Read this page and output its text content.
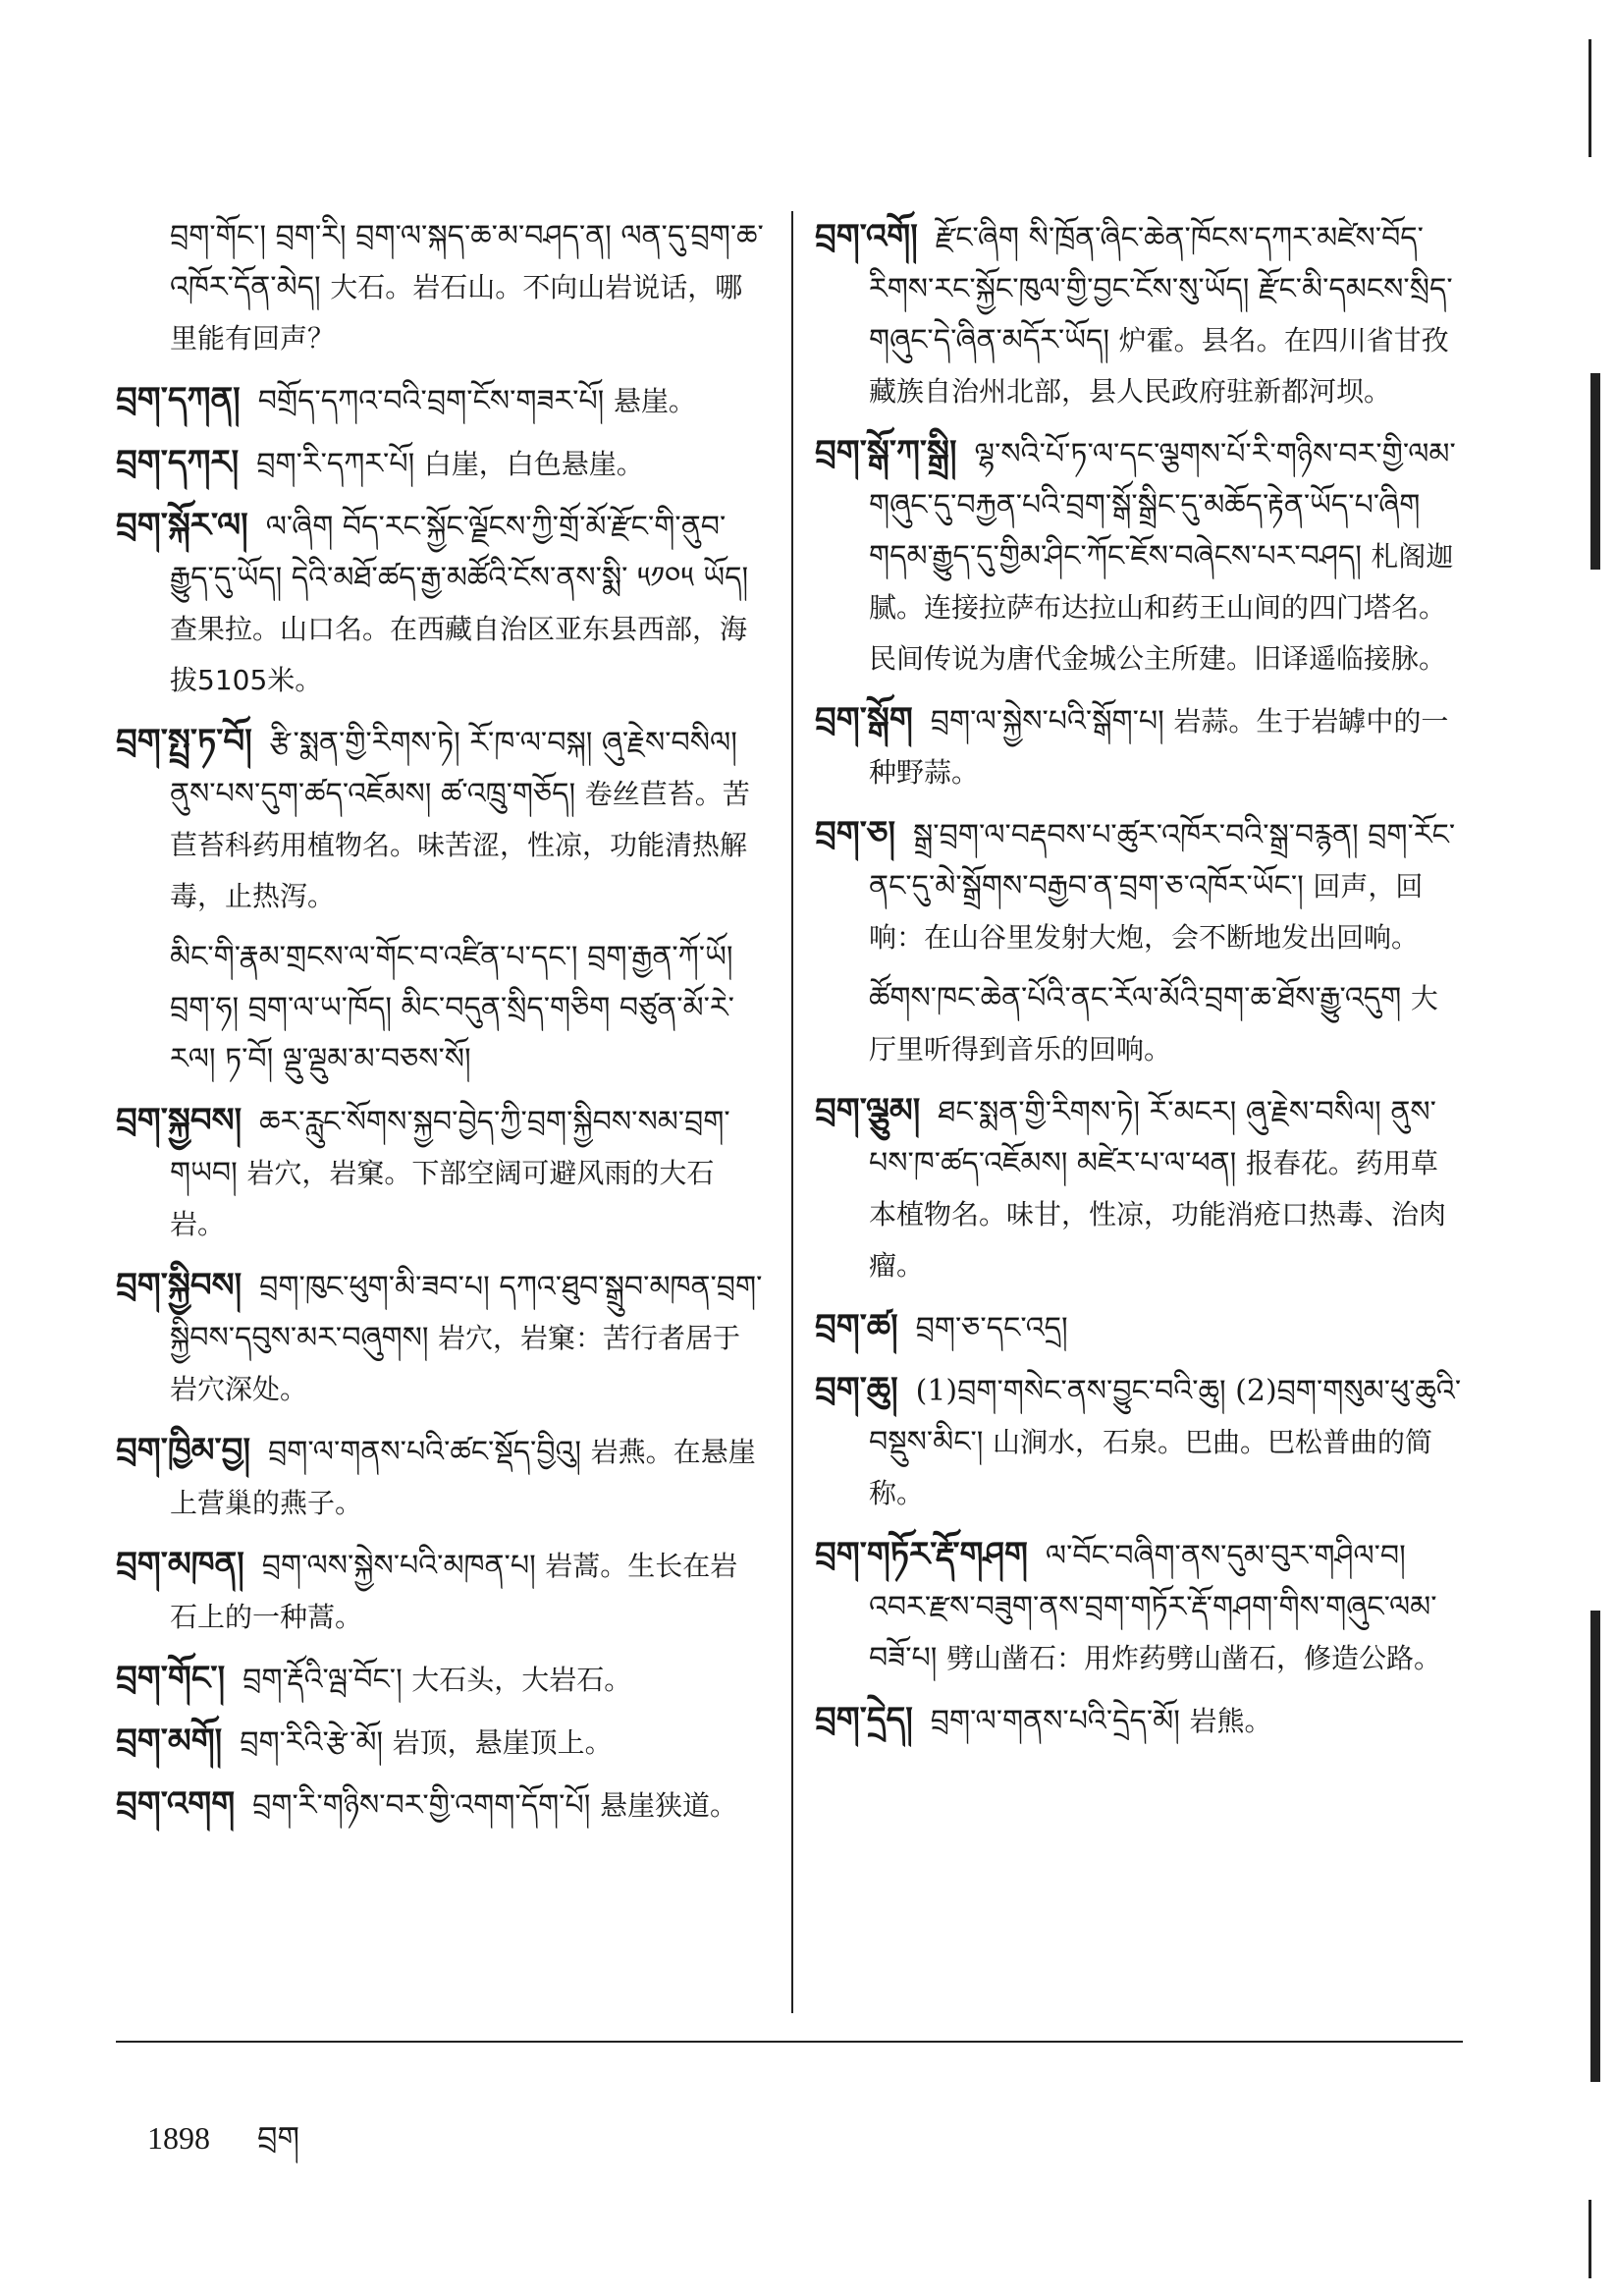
བྲག་གོང་། བྲག་རི། བྲག་ལ་སྐད་ཆ་མ་བཤད་ན། ལན་དུ་བྲག་ཆ་འཁོར་དོན་མེད། 大石。岩石山。不向山岩说话，哪里能有回声？
བྲག་དཀན། བགྲོད་དཀའ་བའི་བྲག་ངོས་གཟར་པོ། 悬崖。
བྲག་དཀར། བྲག་རི་དཀར་པོ། 白崖，白色悬崖。
བྲག་སྐོར་ལ། ལ་ཞིག བོད་རང་སྐྱོང་ལྗོངས་ཀྱི་གྲོ་མོ་རྫོང་གི་ནུབ་རྒྱུད་དུ་ཡོད། དེའི་མཐོ་ཚད་རྒྱ་མཚོའི་ངོས་ནས་སྨི་ ༥༡༠༥ ཡོད། 查果拉。山口名。在西藏自治区亚东县西部，海拔5105米。
བྲག་སྤྲ་ཏ་བོ། རྩི་སྨན་གྱི་རིགས་ཏེ། རོ་ཁ་ལ་བསྐ། ཞུ་རྗེས་བསིལ། ནུས་པས་དུག་ཚད་འཇོམས། ཚ་འཁྲུ་གཅོད། 卷丝苣苔。苦苣苔科药用植物名。味苦涩，性凉，功能清热解毒，止热泻。
མིང་གི་རྣམ་གྲངས་ལ་གོང་བ་འཛིན་པ་དང་། བྲག་རྒྱན་ཀོ་ཡོ། བྲག་ཧ། བྲག་ལ་ཡ་ཁོད། མིང་བདུན་སྲིད་གཅིག བཙུན་མོ་རེ་རལ། ཏ་བོ། ལྡུ་ལྡུམ་མ་བཅས་སོ།
བྲག་སྐྱབས། ཆར་རླུང་སོགས་སྐྱབ་བྱེད་ཀྱི་བྲག་སྐྱིབས་སམ་བྲག་གཡབ། 岩穴，岩窠。下部空阔可避风雨的大石岩。
བྲག་སྐྱིབས། བྲག་ཁུང་ཕུག་མི་ཟབ་པ། དཀའ་ཐུབ་སྒྲུབ་མཁན་བྲག་སྐྱིབས་དབུས་མར་བཞུགས། 岩穴，岩窠：苦行者居于岩穴深处。
བྲག་ཁྱིམ་བྱ། བྲག་ལ་གནས་པའི་ཚང་སྡོད་བྱིའུ། 岩燕。在悬崖上营巢的燕子。
བྲག་མཁན། བྲག་ལས་སྐྱེས་པའི་མཁན་པ། 岩蒿。生长在岩石上的一种蒿。
བྲག་གོང་། བྲག་རྡོའི་ལྦ་བོང་། 大石头，大岩石。
བྲག་མགོ། བྲག་རིའི་རྩེ་མོ། 岩顶，悬崖顶上。
བྲག་འགག བྲག་རི་གཉིས་བར་གྱི་འགག་དོག་པོ། 悬崖狭道。
བྲག་འགོ། རྫོང་ཞིག སི་ཁྲོན་ཞིང་ཆེན་ཁོངས་དཀར་མཛེས་བོད་རིགས་རང་སྐྱོང་ཁུལ་གྱི་བྱང་ངོས་སུ་ཡོད། རྫོང་མི་དམངས་སྲིད་གཞུང་དེ་ཞིན་མདོར་ཡོད། 炉霍。县名。在四川省甘孜藏族自治州北部，县人民政府驻新都河坝。
བྲག་སྒོ་ཀ་སྒྲི། ལྷ་སའི་པོ་ཏ་ལ་དང་ལྕགས་པོ་རི་གཉིས་བར་གྱི་ལམ་གཞུང་དུ་བརྐྱན་པའི་བྲག་སྒོ་སྒྲིང་དུ་མཆོད་རྟེན་ཡོད་པ་ཞིག གདམ་རྒྱུད་དུ་གྱིམ་ཤིང་ཀོང་ཇོས་བཞེངས་པར་བཤད། 札阁迦腻。连接拉萨布达拉山和药王山间的四门塔名。民间传说为唐代金城公主所建。旧译遥临接脉。
བྲག་སྒོག བྲག་ལ་སྐྱེས་པའི་སྒོག་པ། 岩蒜。生于岩罅中的一种野蒜。
བྲག་ཅ། སྒྲ་བྲག་ལ་བརྡབས་པ་ཚུར་འཁོར་བའི་སྒྲ་བརྙན། བྲག་རོང་ནང་དུ་མེ་སྒྲོགས་བརྒྱབ་ན་བྲག་ཅ་འཁོར་ཡོང་། 回声，回响：在山谷里发射大炮，会不断地发出回响。
ཚོགས་ཁང་ཆེན་པོའི་ནང་རོལ་མོའི་བྲག་ཆ་ཐོས་རྒྱུ་འདུག 大厅里听得到音乐的回响。
བྲག་ལྕུམ། ཐང་སྨན་གྱི་རིགས་ཏེ། རོ་མངར། ཞུ་རྗེས་བསིལ། ནུས་པས་ཁ་ཚད་འཇོམས། མཛེར་པ་ལ་ཕན། 报春花。药用草本植物名。味甘，性凉，功能消疮口热毒、治肉瘤。
བྲག་ཚ། བྲག་ཅ་དང་འདྲ།
བྲག་ཆུ། (1)བྲག་གསེང་ནས་བྱུང་བའི་ཆུ། (2)བྲག་གསུམ་ཕུ་ཆུའི་བསྡུས་མིང་། 山涧水，石泉。巴曲。巴松普曲的简称。
བྲག་གཏོར་རྡོ་གཤག ལ་བོང་བཞིག་ནས་དུམ་བུར་གཤིལ་བ། འབར་རྫས་བཟུག་ནས་བྲག་གཏོར་རྡོ་གཤག་གིས་གཞུང་ལམ་བཟོ་པ། 劈山凿石：用炸药劈山凿石，修造公路。
བྲག་དྲེད། བྲག་ལ་གནས་པའི་དྲེད་མོ། 岩熊。
1898 བྲག
